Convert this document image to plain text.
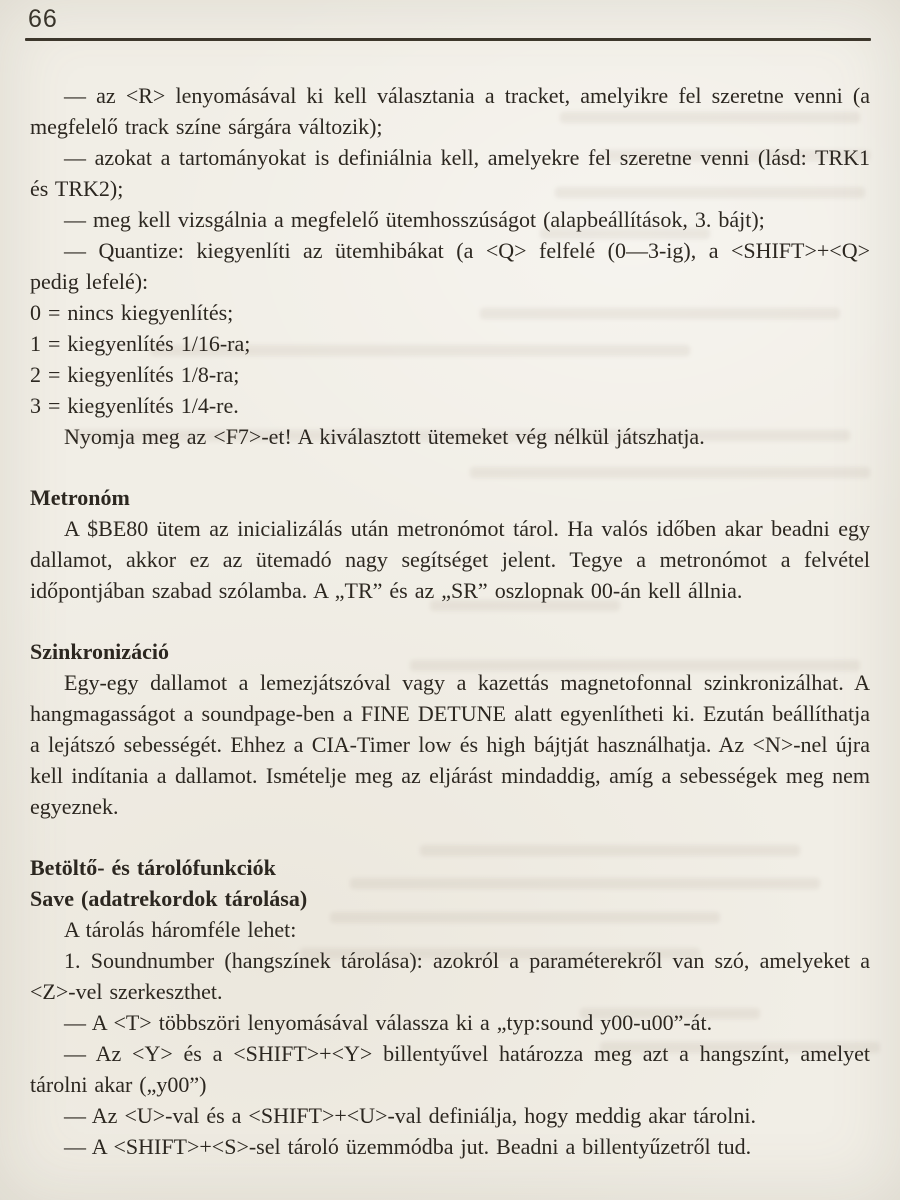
66

— az <R> lenyomásával ki kell választania a tracket, amelyikre fel szeretne venni (a megfelelő track színe sárgára változik);

— azokat a tartományokat is definiálnia kell, amelyekre fel szeretne venni (lásd: TRK1 és TRK2);

— meg kell vizsgálnia a megfelelő ütemhosszúságot (alapbeállítások, 3. bájt);

— Quantize: kiegyenlíti az ütemhibákat (a <Q> felfelé (0—3-ig), a <SHIFT>+<Q> pedig lefelé):

0 = nincs kiegyenlítés;

1 = kiegyenlítés 1/16-ra;

2 = kiegyenlítés 1/8-ra;

3 = kiegyenlítés 1/4-re.

Nyomja meg az <F7>-et! A kiválasztott ütemeket vég nélkül játszhatja.

Metronóm

A $BE80 ütem az inicializálás után metronómot tárol. Ha valós időben akar beadni egy dallamot, akkor ez az ütemadó nagy segítséget jelent. Tegye a metronómot a felvétel időpontjában szabad szólamba. A „TR” és az „SR” oszlopnak 00-án kell állnia.

Szinkronizáció

Egy-egy dallamot a lemezjátszóval vagy a kazettás magnetofonnal szinkronizálhat. A hangmagasságot a soundpage-ben a FINE DETUNE alatt egyenlítheti ki. Ezután beállíthatja a lejátszó sebességét. Ehhez a CIA-Timer low és high bájtját használhatja. Az <N>-nel újra kell indítania a dallamot. Ismételje meg az eljárást mindaddig, amíg a sebességek meg nem egyeznek.

Betöltő- és tárolófunkciók

Save (adatrekordok tárolása)

A tárolás háromféle lehet:

1. Soundnumber (hangszínek tárolása): azokról a paraméterekről van szó, amelyeket a <Z>-vel szerkeszthet.

— A <T> többszöri lenyomásával válassza ki a „typ:sound y00-u00”-át.

— Az <Y> és a <SHIFT>+<Y> billentyűvel határozza meg azt a hangszínt, amelyet tárolni akar („y00”)

— Az <U>-val és a <SHIFT>+<U>-val definiálja, hogy meddig akar tárolni.

— A <SHIFT>+<S>-sel tároló üzemmódba jut. Beadni a billentyűzetről tud.
